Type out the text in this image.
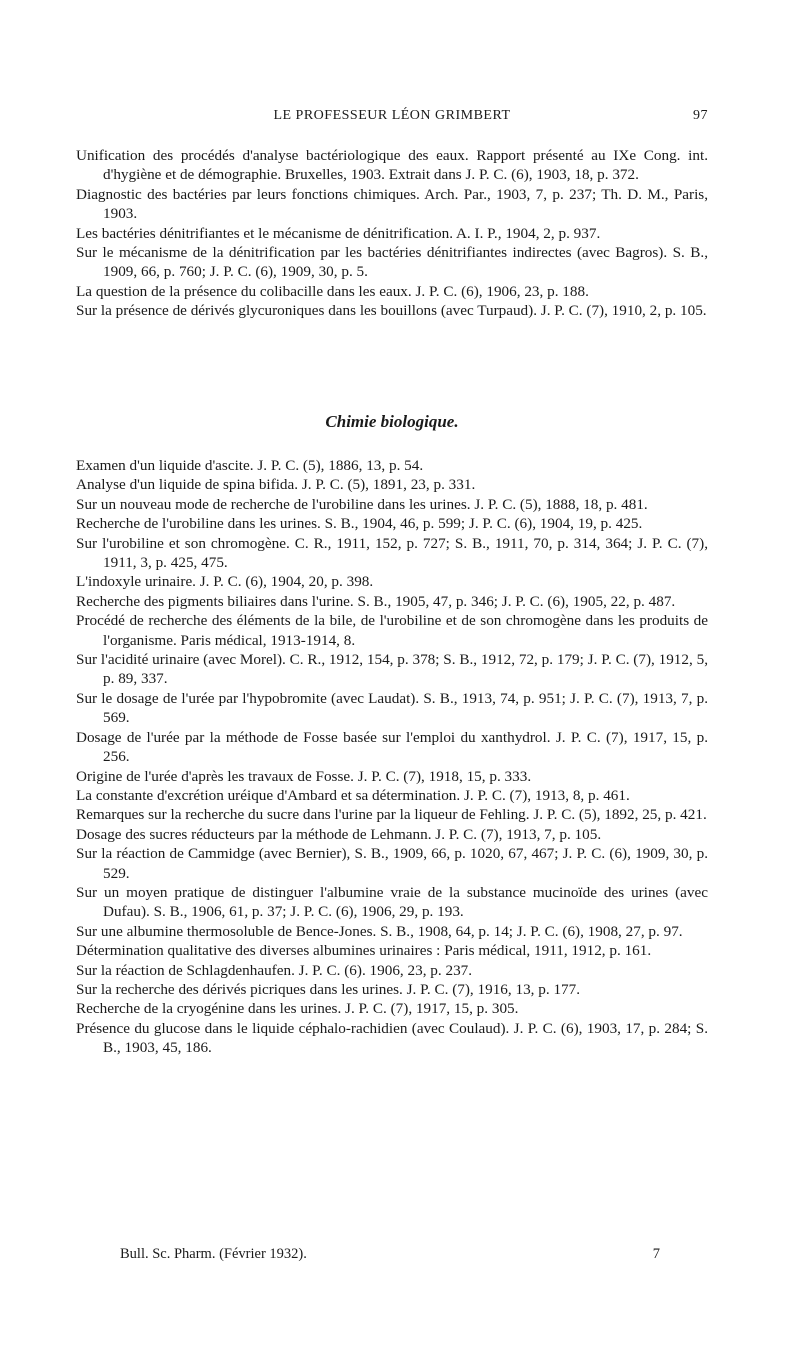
LE PROFESSEUR LÉON GRIMBERT	97
Unification des procédés d'analyse bactériologique des eaux. Rapport présenté au IXe Cong. int. d'hygiène et de démographie. Bruxelles, 1903. Extrait dans J. P. C. (6), 1903, 18, p. 372.
Diagnostic des bactéries par leurs fonctions chimiques. Arch. Par., 1903, 7, p. 237; Th. D. M., Paris, 1903.
Les bactéries dénitrifiantes et le mécanisme de dénitrification. A. I. P., 1904, 2, p. 937.
Sur le mécanisme de la dénitrification par les bactéries dénitrifiantes indirectes (avec Bagros). S. B., 1909, 66, p. 760; J. P. C. (6), 1909, 30, p. 5.
La question de la présence du colibacille dans les eaux. J. P. C. (6), 1906, 23, p. 188.
Sur la présence de dérivés glycuroniques dans les bouillons (avec Turpaud). J. P. C. (7), 1910, 2, p. 105.
Chimie biologique.
Examen d'un liquide d'ascite. J. P. C. (5), 1886, 13, p. 54.
Analyse d'un liquide de spina bifida. J. P. C. (5), 1891, 23, p. 331.
Sur un nouveau mode de recherche de l'urobiline dans les urines. J. P. C. (5), 1888, 18, p. 481.
Recherche de l'urobiline dans les urines. S. B., 1904, 46, p. 599; J. P. C. (6), 1904, 19, p. 425.
Sur l'urobiline et son chromogène. C. R., 1911, 152, p. 727; S. B., 1911, 70, p. 314, 364; J. P. C. (7), 1911, 3, p. 425, 475.
L'indoxyle urinaire. J. P. C. (6), 1904, 20, p. 398.
Recherche des pigments biliaires dans l'urine. S. B., 1905, 47, p. 346; J. P. C. (6), 1905, 22, p. 487.
Procédé de recherche des éléments de la bile, de l'urobiline et de son chromogène dans les produits de l'organisme. Paris médical, 1913-1914, 8.
Sur l'acidité urinaire (avec Morel). C. R., 1912, 154, p. 378; S. B., 1912, 72, p. 179; J. P. C. (7), 1912, 5, p. 89, 337.
Sur le dosage de l'urée par l'hypobromite (avec Laudat). S. B., 1913, 74, p. 951; J. P. C. (7), 1913, 7, p. 569.
Dosage de l'urée par la méthode de Fosse basée sur l'emploi du xanthydrol. J. P. C. (7), 1917, 15, p. 256.
Origine de l'urée d'après les travaux de Fosse. J. P. C. (7), 1918, 15, p. 333.
La constante d'excrétion uréique d'Ambard et sa détermination. J. P. C. (7), 1913, 8, p. 461.
Remarques sur la recherche du sucre dans l'urine par la liqueur de Fehling. J. P. C. (5), 1892, 25, p. 421.
Dosage des sucres réducteurs par la méthode de Lehmann. J. P. C. (7), 1913, 7, p. 105.
Sur la réaction de Cammidge (avec Bernier), S. B., 1909, 66, p. 1020, 67, 467; J. P. C. (6), 1909, 30, p. 529.
Sur un moyen pratique de distinguer l'albumine vraie de la substance mucinoïde des urines (avec Dufau). S. B., 1906, 61, p. 37; J. P. C. (6), 1906, 29, p. 193.
Sur une albumine thermosoluble de Bence-Jones. S. B., 1908, 64, p. 14; J. P. C. (6), 1908, 27, p. 97.
Détermination qualitative des diverses albumines urinaires : Paris médical, 1911, 1912, p. 161.
Sur la réaction de Schlagdenhaufen. J. P. C. (6). 1906, 23, p. 237.
Sur la recherche des dérivés picriques dans les urines. J. P. C. (7), 1916, 13, p. 177.
Recherche de la cryogénine dans les urines. J. P. C. (7), 1917, 15, p. 305.
Présence du glucose dans le liquide céphalo-rachidien (avec Coulaud). J. P. C. (6), 1903, 17, p. 284; S. B., 1903, 45, 186.
Bull. Sc. Pharm. (Février 1932).	7
